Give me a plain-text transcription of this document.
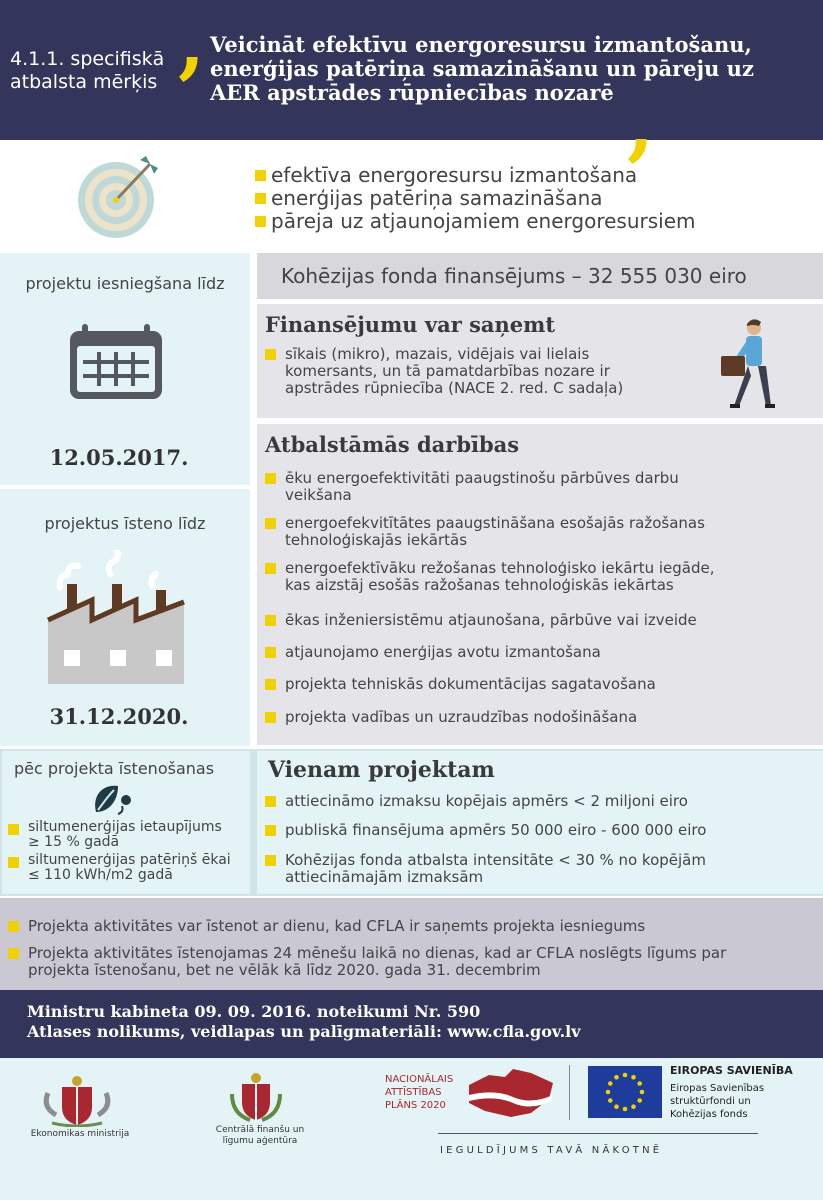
4.1.1. specifiskā
atbalsta mērķis , Veicināt efektīvu energoresursu izmantošanu,
enerģijas patēriņa samazināšanu un pāreju uz
AER apstrādes rūpniecības nozarē ,
efektīva energoresursu izmantošana
enerģijas patēriņa samazināšana
pāreja uz atjaunojamiem energoresursiem
projektu iesniegšana līdz
12.05.2017.
projektus īsteno līdz
31.12.2020.
Kohēzijas fonda finansējums – 32 555 030 eiro
Finansējumu var saņemt
sīkais (mikro), mazais, vidējais vai lielais
komersants, un tā pamatdarbības nozare ir
apstrādes rūpniecība (NACE 2. red. C sadaļa)
Atbalstāmās darbības
ēku energoefektivitāti paaugstinošu pārbūves darbu
veikšana
energoefekvitītātes paaugstināšana esošajās ražošanas
tehnoloģiskajās iekārtās
energoefektīvāku režošanas tehnoloģisko iekārtu iegāde,
kas aizstāj esošās ražošanas tehnoloģiskās iekārtas
ēkas inženiersistēmu atjaunošana, pārbūve vai izveide
atjaunojamo enerģijas avotu izmantošana
projekta tehniskās dokumentācijas sagatavošana
projekta vadības un uzraudzības nodošināšana
pēc projekta īstenošanas
siltumenerģijas ietaupījums
≥ 15 % gadā
siltumenerģijas patēriņš ēkai
≤ 110 kWh/m2 gadā
Vienam projektam
attiecināmo izmaksu kopējais apmērs < 2 miljoni eiro
publiskā finansējuma apmērs 50 000 eiro - 600 000 eiro
Kohēzijas fonda atbalsta intensitāte < 30 % no kopējām
attiecināmajām izmaksām
Projekta aktivitātes var īstenot ar dienu, kad CFLA ir saņemts projekta iesniegums
Projekta aktivitātes īstenojamas 24 mēnešu laikā no dienas, kad ar CFLA noslēgts līgums par
projekta īstenošanu, bet ne vēlāk kā līdz 2020. gada 31. decembrim
Ministru kabineta 09. 09. 2016. noteikumi Nr. 590
Atlases nolikums, veidlapas un palīgmateriāli: www.cfla.gov.lv
Ekonomikas ministrija	Centrālā finanšu un
līgumu aģentūra
NACIONĀLAIS
ATTĪSTĪBAS
PLĀNS 2020
EIROPAS SAVIENĪBA
Eiropas Savienības
struktūrfondi un
Kohēzijas fonds
IEGULDĪJUMS TAVĀ NĀKOTNĒ
